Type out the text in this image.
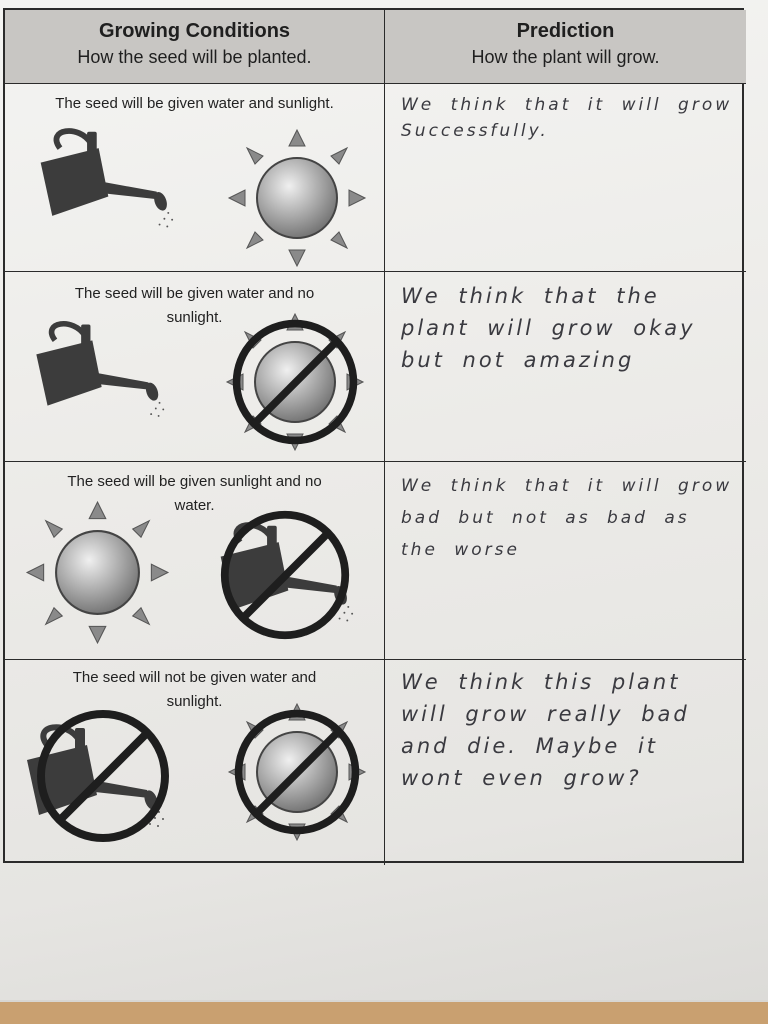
Growing Conditions
How the seed will be planted.
Prediction
How the plant will grow.
The seed will be given water and sunlight.	We think that it will grow Successfully.
The seed will be given water and no sunlight.
We think that the plant will grow okay but not amazing
The seed will be given sunlight and no water.
We think that it will grow bad but not as bad as the worse
The seed will not be given water and sunlight.
We think this plant will grow really bad and die. Maybe it wont even grow?
